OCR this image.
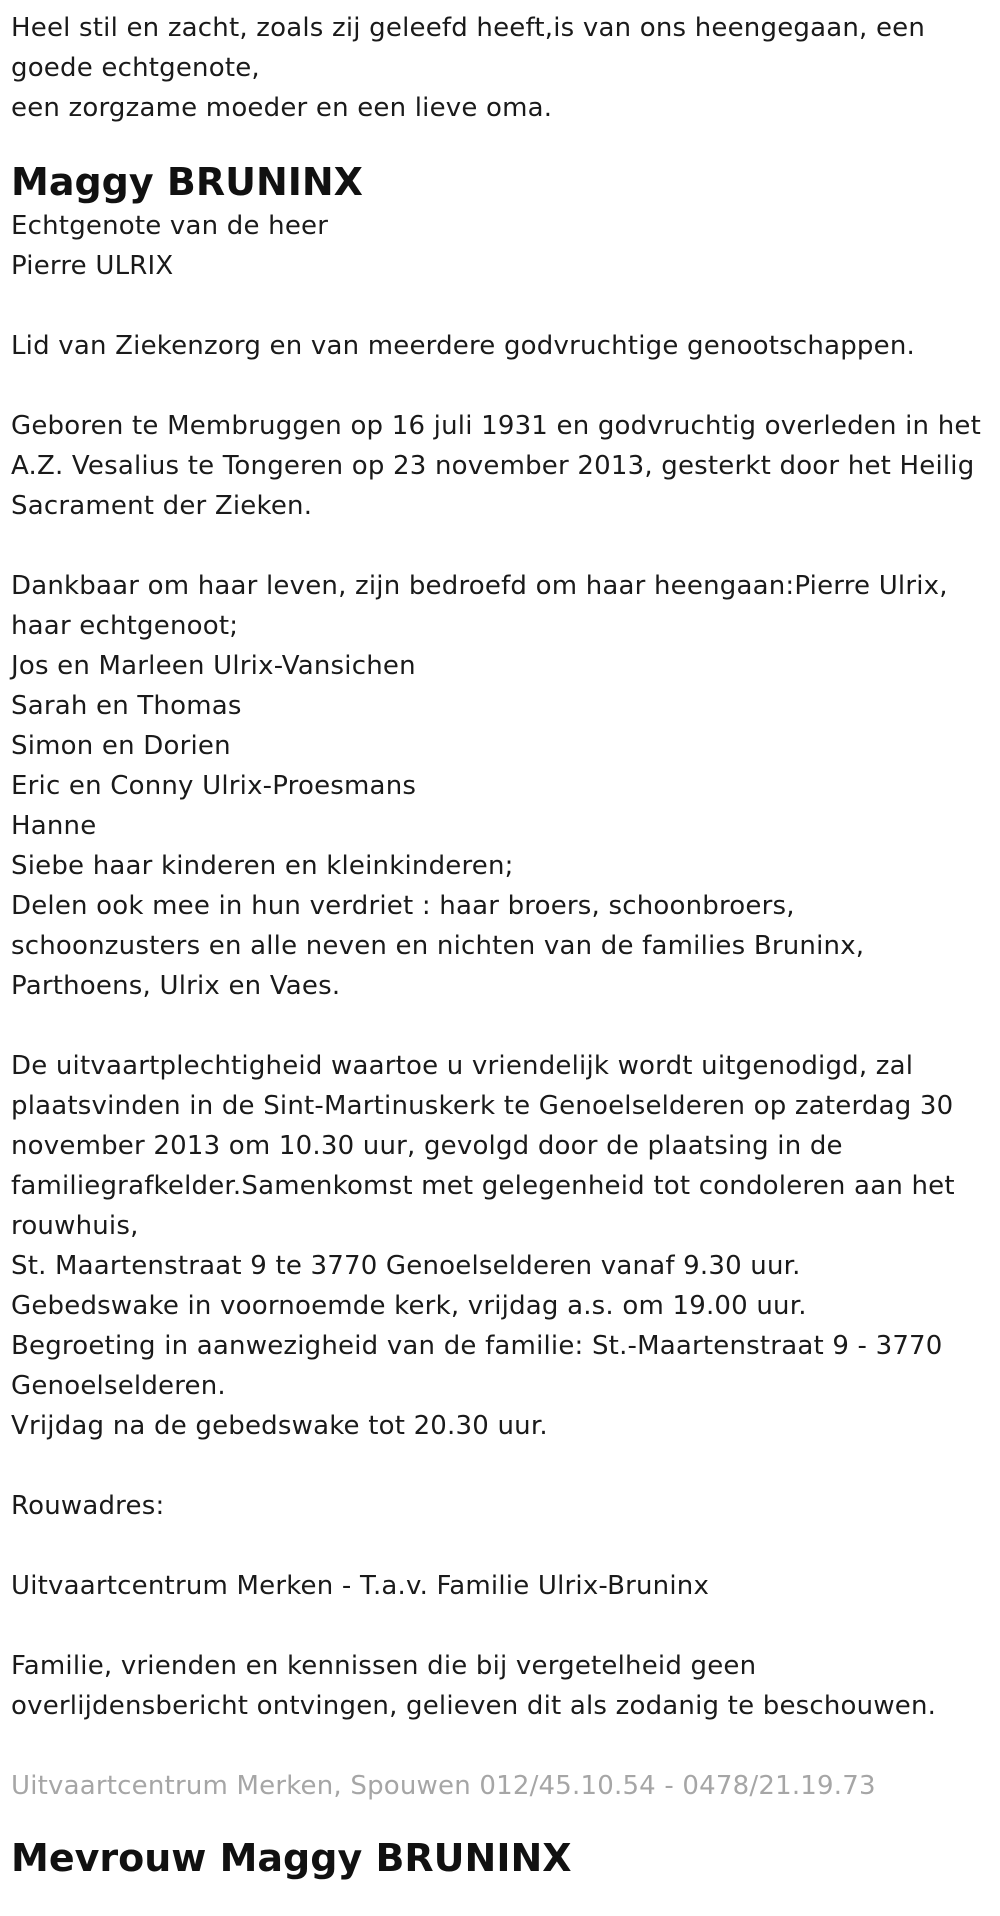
Heel stil en zacht, zoals zij geleefd heeft,is van ons heengegaan, een
goede echtgenote,
een zorgzame moeder en een lieve oma.

Maggy BRUNINX

Echtgenote van de heer
Pierre ULRIX

Lid van Ziekenzorg en van meerdere godvruchtige genootschappen.

Geboren te Membruggen op 16 juli 1931 en godvruchtig overleden in het
A.Z. Vesalius te Tongeren op 23 november 2013, gesterkt door het Heilig
Sacrament der Zieken.

Dankbaar om haar leven, zijn bedroefd om haar heengaan:Pierre Ulrix,
haar echtgenoot;
Jos en Marleen Ulrix-Vansichen
Sarah en Thomas
Simon en Dorien
Eric en Conny Ulrix-Proesmans
Hanne
Siebe haar kinderen en kleinkinderen;
Delen ook mee in hun verdriet : haar broers, schoonbroers,
schoonzusters en alle neven en nichten van de families Bruninx,
Parthoens, Ulrix en Vaes.

De uitvaartplechtigheid waartoe u vriendelijk wordt uitgenodigd, zal
plaatsvinden in de Sint-Martinuskerk te Genoelselderen op zaterdag 30
november 2013 om 10.30 uur, gevolgd door de plaatsing in de
familiegrafkelder.Samenkomst met gelegenheid tot condoleren aan het
rouwhuis,
St. Maartenstraat 9 te 3770 Genoelselderen vanaf 9.30 uur.
Gebedswake in voornoemde kerk, vrijdag a.s. om 19.00 uur.
Begroeting in aanwezigheid van de familie: St.-Maartenstraat 9 - 3770
Genoelselderen.
Vrijdag na de gebedswake tot 20.30 uur.

Rouwadres:

Uitvaartcentrum Merken - T.a.v. Familie Ulrix-Bruninx

Familie, vrienden en kennissen die bij vergetelheid geen
overlijdensbericht ontvingen, gelieven dit als zodanig te beschouwen.

Uitvaartcentrum Merken, Spouwen 012/45.10.54 - 0478/21.19.73

Mevrouw Maggy BRUNINX
